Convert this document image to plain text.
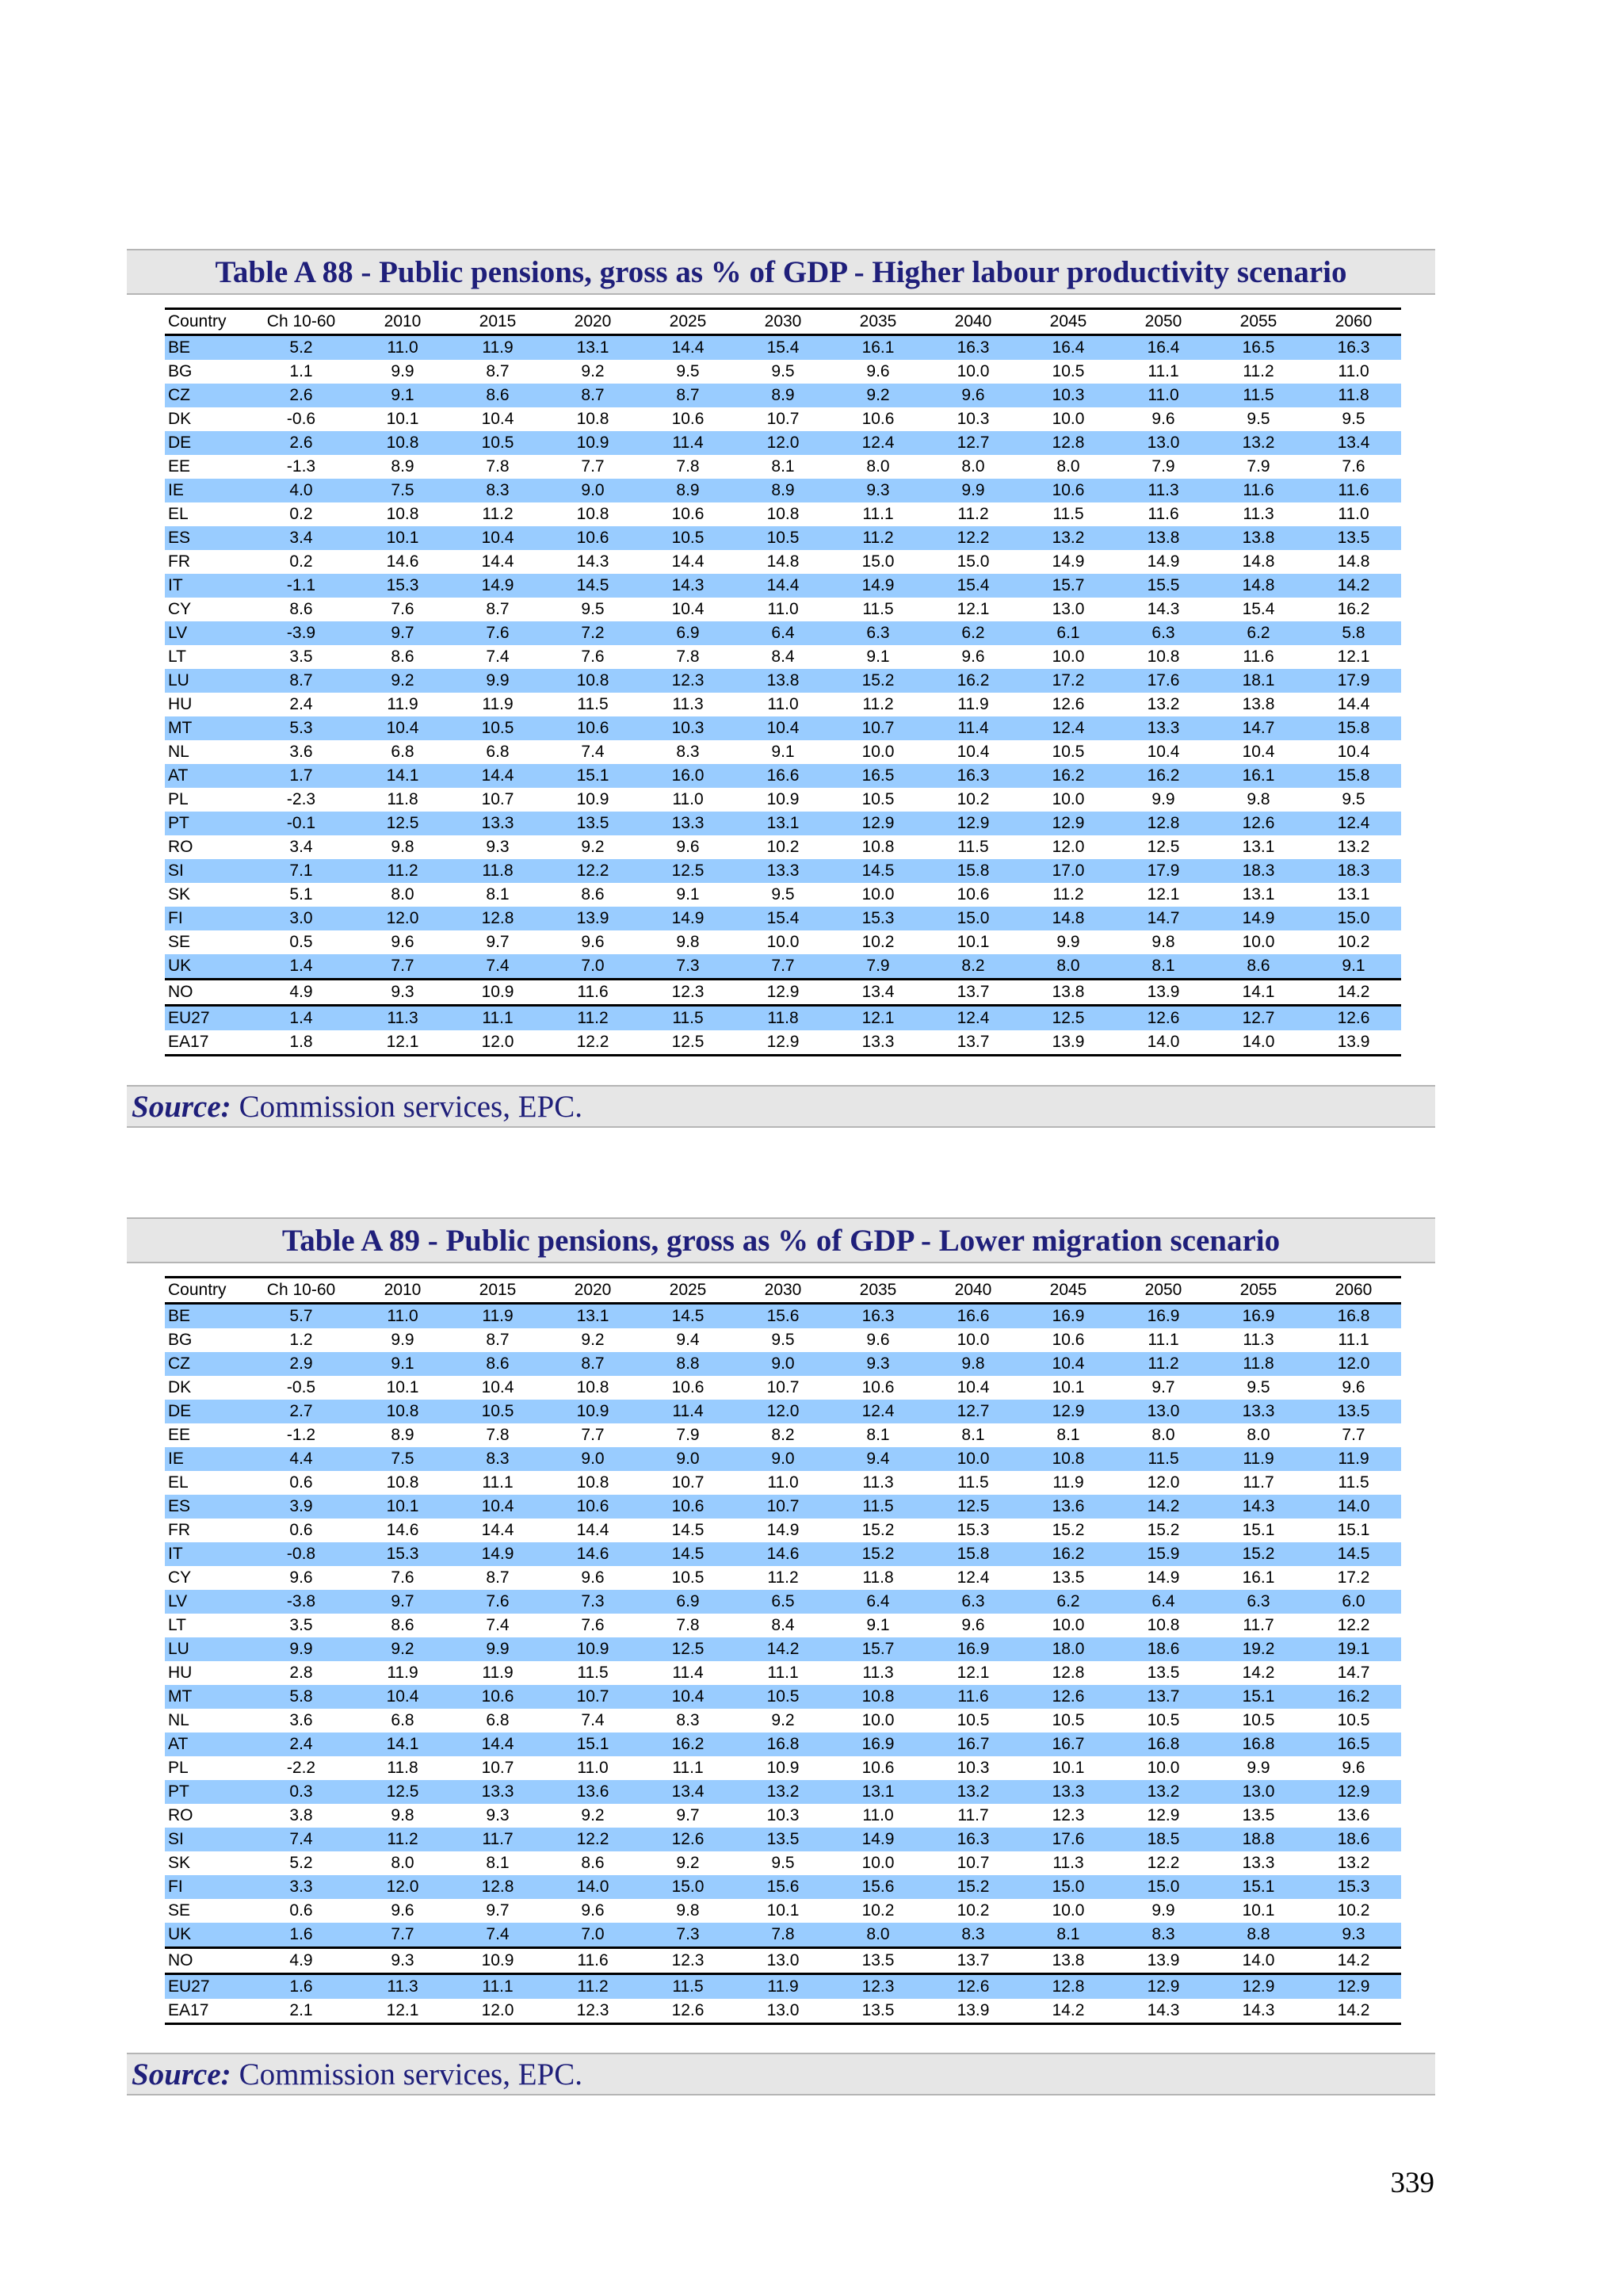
Table A 88 - Public pensions, gross as % of GDP - Higher labour productivity scenario
Country	Ch 10-60	2010	2015	2020	2025	2030	2035	2040	2045	2050	2055	2060
BE	5.2	11.0	11.9	13.1	14.4	15.4	16.1	16.3	16.4	16.4	16.5	16.3
BG	1.1	9.9	8.7	9.2	9.5	9.5	9.6	10.0	10.5	11.1	11.2	11.0
CZ	2.6	9.1	8.6	8.7	8.7	8.9	9.2	9.6	10.3	11.0	11.5	11.8
DK	-0.6	10.1	10.4	10.8	10.6	10.7	10.6	10.3	10.0	9.6	9.5	9.5
DE	2.6	10.8	10.5	10.9	11.4	12.0	12.4	12.7	12.8	13.0	13.2	13.4
EE	-1.3	8.9	7.8	7.7	7.8	8.1	8.0	8.0	8.0	7.9	7.9	7.6
IE	4.0	7.5	8.3	9.0	8.9	8.9	9.3	9.9	10.6	11.3	11.6	11.6
EL	0.2	10.8	11.2	10.8	10.6	10.8	11.1	11.2	11.5	11.6	11.3	11.0
ES	3.4	10.1	10.4	10.6	10.5	10.5	11.2	12.2	13.2	13.8	13.8	13.5
FR	0.2	14.6	14.4	14.3	14.4	14.8	15.0	15.0	14.9	14.9	14.8	14.8
IT	-1.1	15.3	14.9	14.5	14.3	14.4	14.9	15.4	15.7	15.5	14.8	14.2
CY	8.6	7.6	8.7	9.5	10.4	11.0	11.5	12.1	13.0	14.3	15.4	16.2
LV	-3.9	9.7	7.6	7.2	6.9	6.4	6.3	6.2	6.1	6.3	6.2	5.8
LT	3.5	8.6	7.4	7.6	7.8	8.4	9.1	9.6	10.0	10.8	11.6	12.1
LU	8.7	9.2	9.9	10.8	12.3	13.8	15.2	16.2	17.2	17.6	18.1	17.9
HU	2.4	11.9	11.9	11.5	11.3	11.0	11.2	11.9	12.6	13.2	13.8	14.4
MT	5.3	10.4	10.5	10.6	10.3	10.4	10.7	11.4	12.4	13.3	14.7	15.8
NL	3.6	6.8	6.8	7.4	8.3	9.1	10.0	10.4	10.5	10.4	10.4	10.4
AT	1.7	14.1	14.4	15.1	16.0	16.6	16.5	16.3	16.2	16.2	16.1	15.8
PL	-2.3	11.8	10.7	10.9	11.0	10.9	10.5	10.2	10.0	9.9	9.8	9.5
PT	-0.1	12.5	13.3	13.5	13.3	13.1	12.9	12.9	12.9	12.8	12.6	12.4
RO	3.4	9.8	9.3	9.2	9.6	10.2	10.8	11.5	12.0	12.5	13.1	13.2
SI	7.1	11.2	11.8	12.2	12.5	13.3	14.5	15.8	17.0	17.9	18.3	18.3
SK	5.1	8.0	8.1	8.6	9.1	9.5	10.0	10.6	11.2	12.1	13.1	13.1
FI	3.0	12.0	12.8	13.9	14.9	15.4	15.3	15.0	14.8	14.7	14.9	15.0
SE	0.5	9.6	9.7	9.6	9.8	10.0	10.2	10.1	9.9	9.8	10.0	10.2
UK	1.4	7.7	7.4	7.0	7.3	7.7	7.9	8.2	8.0	8.1	8.6	9.1
NO	4.9	9.3	10.9	11.6	12.3	12.9	13.4	13.7	13.8	13.9	14.1	14.2
EU27	1.4	11.3	11.1	11.2	11.5	11.8	12.1	12.4	12.5	12.6	12.7	12.6
EA17	1.8	12.1	12.0	12.2	12.5	12.9	13.3	13.7	13.9	14.0	14.0	13.9
Source: Commission services, EPC.
Table A 89 - Public pensions, gross as % of GDP - Lower migration scenario
Country	Ch 10-60	2010	2015	2020	2025	2030	2035	2040	2045	2050	2055	2060
BE	5.7	11.0	11.9	13.1	14.5	15.6	16.3	16.6	16.9	16.9	16.9	16.8
BG	1.2	9.9	8.7	9.2	9.4	9.5	9.6	10.0	10.6	11.1	11.3	11.1
CZ	2.9	9.1	8.6	8.7	8.8	9.0	9.3	9.8	10.4	11.2	11.8	12.0
DK	-0.5	10.1	10.4	10.8	10.6	10.7	10.6	10.4	10.1	9.7	9.5	9.6
DE	2.7	10.8	10.5	10.9	11.4	12.0	12.4	12.7	12.9	13.0	13.3	13.5
EE	-1.2	8.9	7.8	7.7	7.9	8.2	8.1	8.1	8.1	8.0	8.0	7.7
IE	4.4	7.5	8.3	9.0	9.0	9.0	9.4	10.0	10.8	11.5	11.9	11.9
EL	0.6	10.8	11.1	10.8	10.7	11.0	11.3	11.5	11.9	12.0	11.7	11.5
ES	3.9	10.1	10.4	10.6	10.6	10.7	11.5	12.5	13.6	14.2	14.3	14.0
FR	0.6	14.6	14.4	14.4	14.5	14.9	15.2	15.3	15.2	15.2	15.1	15.1
IT	-0.8	15.3	14.9	14.6	14.5	14.6	15.2	15.8	16.2	15.9	15.2	14.5
CY	9.6	7.6	8.7	9.6	10.5	11.2	11.8	12.4	13.5	14.9	16.1	17.2
LV	-3.8	9.7	7.6	7.3	6.9	6.5	6.4	6.3	6.2	6.4	6.3	6.0
LT	3.5	8.6	7.4	7.6	7.8	8.4	9.1	9.6	10.0	10.8	11.7	12.2
LU	9.9	9.2	9.9	10.9	12.5	14.2	15.7	16.9	18.0	18.6	19.2	19.1
HU	2.8	11.9	11.9	11.5	11.4	11.1	11.3	12.1	12.8	13.5	14.2	14.7
MT	5.8	10.4	10.6	10.7	10.4	10.5	10.8	11.6	12.6	13.7	15.1	16.2
NL	3.6	6.8	6.8	7.4	8.3	9.2	10.0	10.5	10.5	10.5	10.5	10.5
AT	2.4	14.1	14.4	15.1	16.2	16.8	16.9	16.7	16.7	16.8	16.8	16.5
PL	-2.2	11.8	10.7	11.0	11.1	10.9	10.6	10.3	10.1	10.0	9.9	9.6
PT	0.3	12.5	13.3	13.6	13.4	13.2	13.1	13.2	13.3	13.2	13.0	12.9
RO	3.8	9.8	9.3	9.2	9.7	10.3	11.0	11.7	12.3	12.9	13.5	13.6
SI	7.4	11.2	11.7	12.2	12.6	13.5	14.9	16.3	17.6	18.5	18.8	18.6
SK	5.2	8.0	8.1	8.6	9.2	9.5	10.0	10.7	11.3	12.2	13.3	13.2
FI	3.3	12.0	12.8	14.0	15.0	15.6	15.6	15.2	15.0	15.0	15.1	15.3
SE	0.6	9.6	9.7	9.6	9.8	10.1	10.2	10.2	10.0	9.9	10.1	10.2
UK	1.6	7.7	7.4	7.0	7.3	7.8	8.0	8.3	8.1	8.3	8.8	9.3
NO	4.9	9.3	10.9	11.6	12.3	13.0	13.5	13.7	13.8	13.9	14.0	14.2
EU27	1.6	11.3	11.1	11.2	11.5	11.9	12.3	12.6	12.8	12.9	12.9	12.9
EA17	2.1	12.1	12.0	12.3	12.6	13.0	13.5	13.9	14.2	14.3	14.3	14.2
Source: Commission services, EPC.
339
